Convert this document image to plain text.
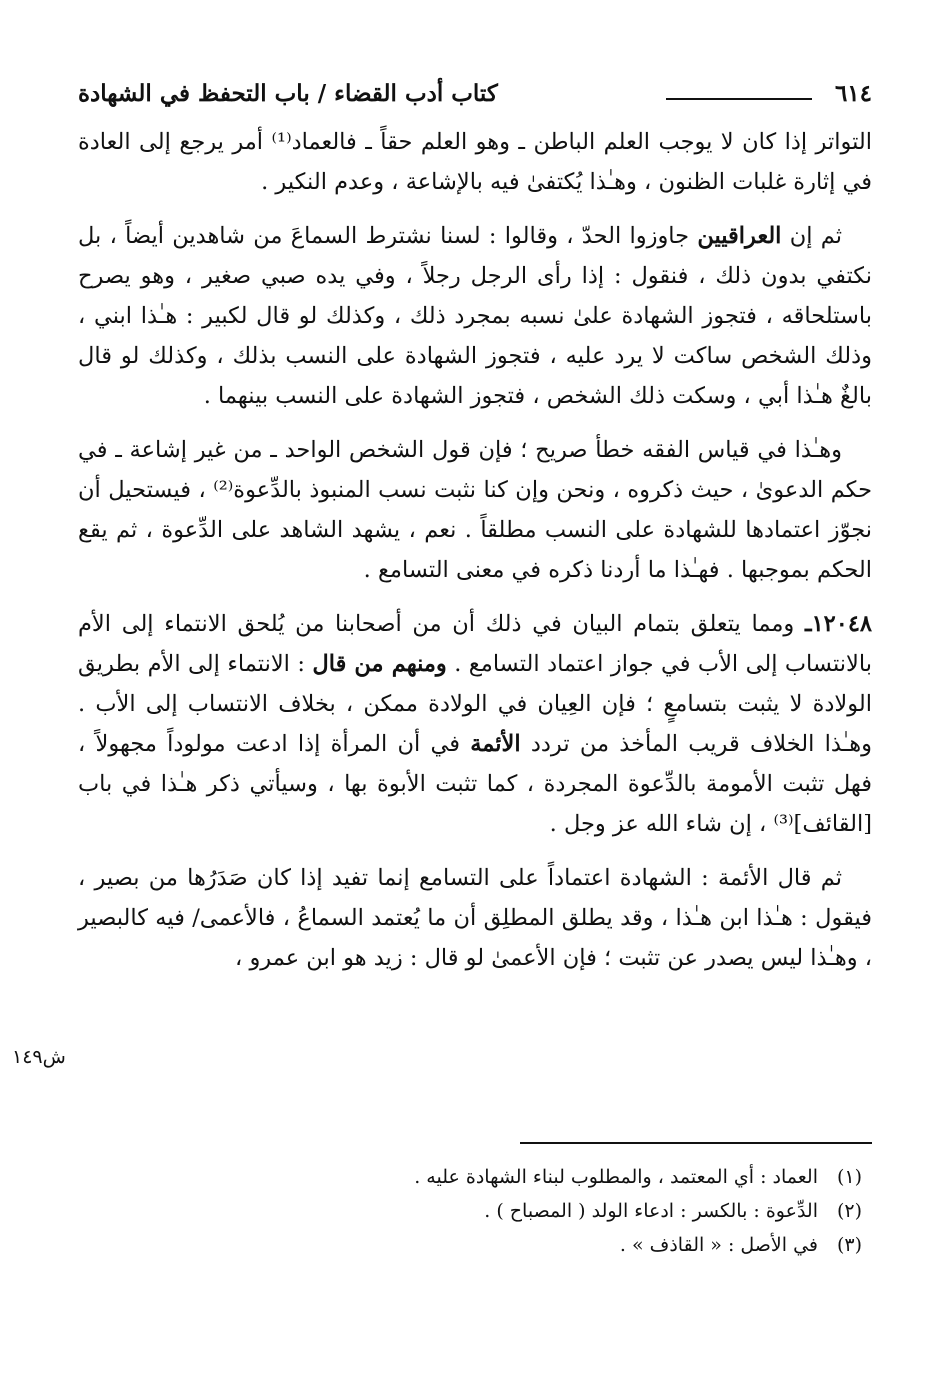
٦١٤
كتاب أدب القضاء / باب التحفظ في الشهادة

التواتر إذا كان لا يوجب العلم الباطن ـ وهو العلم حقاً ـ فالعماد⁽¹⁾ أمر يرجع إلى العادة في إثارة غلبات الظنون ، وهـٰذا يُكتفىٰ فيه بالإشاعة ، وعدم النكير .

ثم إن العراقيين جاوزوا الحدّ ، وقالوا : لسنا نشترط السماعَ من شاهدين أيضاً ، بل نكتفي بدون ذلك ، فنقول : إذا رأى الرجل رجلاً ، وفي يده صبي صغير ، وهو يصرح باستلحاقه ، فتجوز الشهادة علىٰ نسبه بمجرد ذلك ، وكذلك لو قال لكبير : هـٰذا ابني ، وذلك الشخص ساكت لا يرد عليه ، فتجوز الشهادة على النسب بذلك ، وكذلك لو قال بالغٌ هـٰذا أبي ، وسكت ذلك الشخص ، فتجوز الشهادة على النسب بينهما .

وهـٰذا في قياس الفقه خطأ صريح ؛ فإن قول الشخص الواحد ـ من غير إشاعة ـ في حكم الدعوىٰ ، حيث ذكروه ، ونحن وإن كنا نثبت نسب المنبوذ بالدِّعوة⁽²⁾ ، فيستحيل أن نجوّز اعتمادها للشهادة على النسب مطلقاً . نعم ، يشهد الشاهد على الدِّعوة ، ثم يقع الحكم بموجبها . فهـٰذا ما أردنا ذكره في معنى التسامع .

١٢٠٤٨ـ ومما يتعلق بتمام البيان في ذلك أن من أصحابنا من يُلحق الانتماء إلى الأم بالانتساب إلى الأب في جواز اعتماد التسامع . ومنهم من قال : الانتماء إلى الأم بطريق الولادة لا يثبت بتسامعٍ ؛ فإن العِيان في الولادة ممكن ، بخلاف الانتساب إلى الأب . وهـٰذا الخلاف قريب المأخذ من تردد الأئمة في أن المرأة إذا ادعت مولوداً مجهولاً ، فهل تثبت الأمومة بالدِّعوة المجردة ، كما تثبت الأبوة بها ، وسيأتي ذكر هـٰذا في باب [القائف]⁽³⁾ ، إن شاء الله عز وجل .

ثم قال الأئمة : الشهادة اعتماداً على التسامع إنما تفيد إذا كان صَدَرُها من بصير ، فيقول : هـٰذا ابن هـٰذا ، وقد يطلق المطلِق أن ما يُعتمد السماعُ ، فالأعمى/ فيه كالبصير ، وهـٰذا ليس يصدر عن تثبت ؛ فإن الأعمىٰ لو قال : زيد هو ابن عمرو ،

ش١٤٩
(١)العماد : أي المعتمد ، والمطلوب لبناء الشهادة عليه .
(٢)الدِّعوة : بالكسر : ادعاء الولد ( المصباح ) .
(٣)في الأصل : « القاذف » .
